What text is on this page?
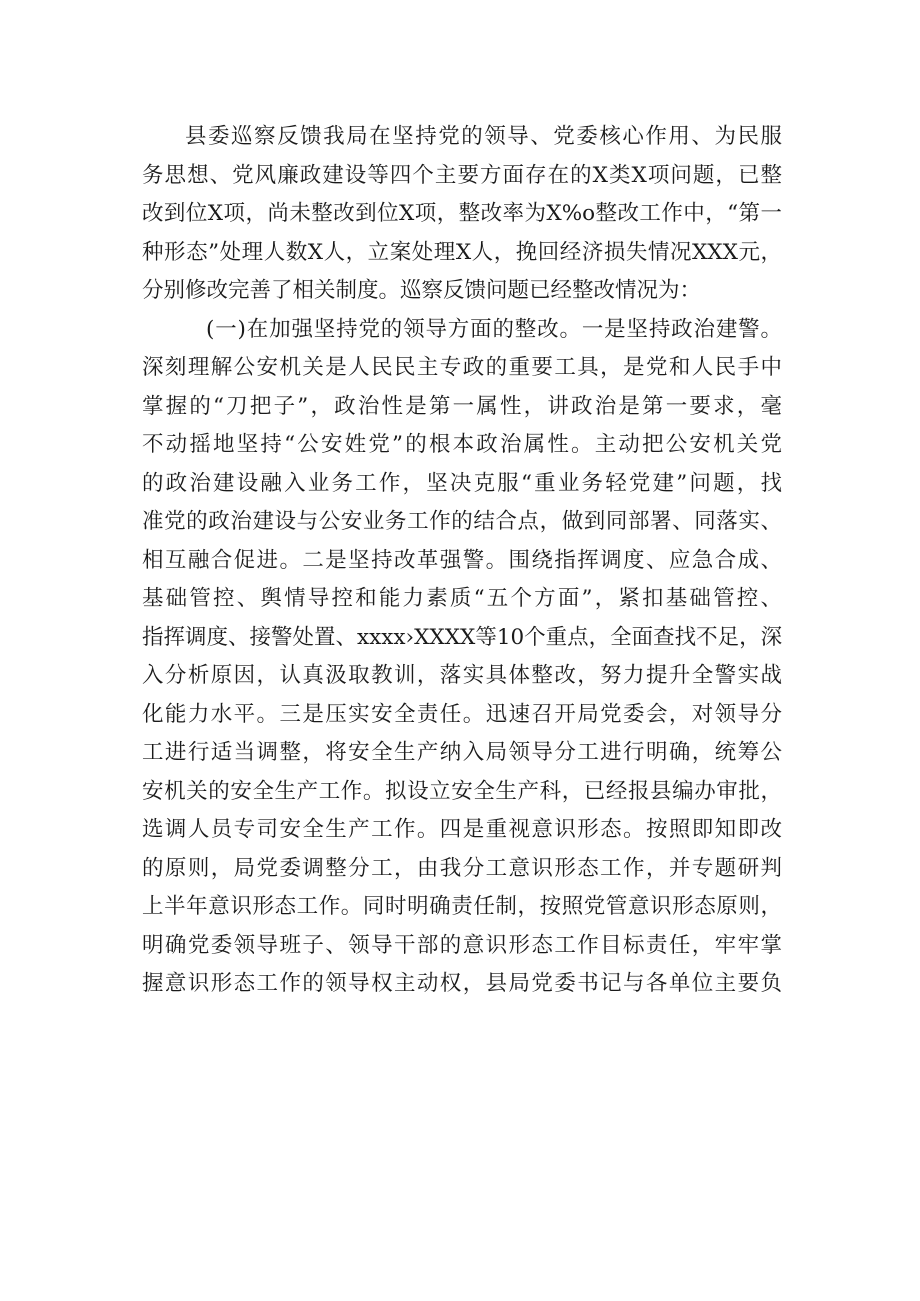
县委巡察反馈我局在坚持党的领导、党委核心作用、为民服
务思想、党风廉政建设等四个主要方面存在的X类X项问题，已整
改到位X项，尚未整改到位X项，整改率为X%o整改工作中，“第一
种形态”处理人数X人，立案处理X人，挽回经济损失情况XXX元，
分别修改完善了相关制度。巡察反馈问题已经整改情况为：
(一)在加强坚持党的领导方面的整改。一是坚持政治建警。
深刻理解公安机关是人民民主专政的重要工具，是党和人民手中
掌握的“刀把子”，政治性是第一属性，讲政治是第一要求，毫
不动摇地坚持“公安姓党”的根本政治属性。主动把公安机关党
的政治建设融入业务工作，坚决克服“重业务轻党建”问题，找
准党的政治建设与公安业务工作的结合点，做到同部署、同落实、
相互融合促进。二是坚持改革强警。围绕指挥调度、应急合成、
基础管控、舆情导控和能力素质“五个方面”，紧扣基础管控、
指挥调度、接警处置、xxxx›XXXX等10个重点，全面查找不足，深
入分析原因，认真汲取教训，落实具体整改，努力提升全警实战
化能力水平。三是压实安全责任。迅速召开局党委会，对领导分
工进行适当调整，将安全生产纳入局领导分工进行明确，统筹公
安机关的安全生产工作。拟设立安全生产科，已经报县编办审批，
选调人员专司安全生产工作。四是重视意识形态。按照即知即改
的原则，局党委调整分工，由我分工意识形态工作，并专题研判
上半年意识形态工作。同时明确责任制，按照党管意识形态原则，
明确党委领导班子、领导干部的意识形态工作目标责任，牢牢掌
握意识形态工作的领导权主动权，县局党委书记与各单位主要负
